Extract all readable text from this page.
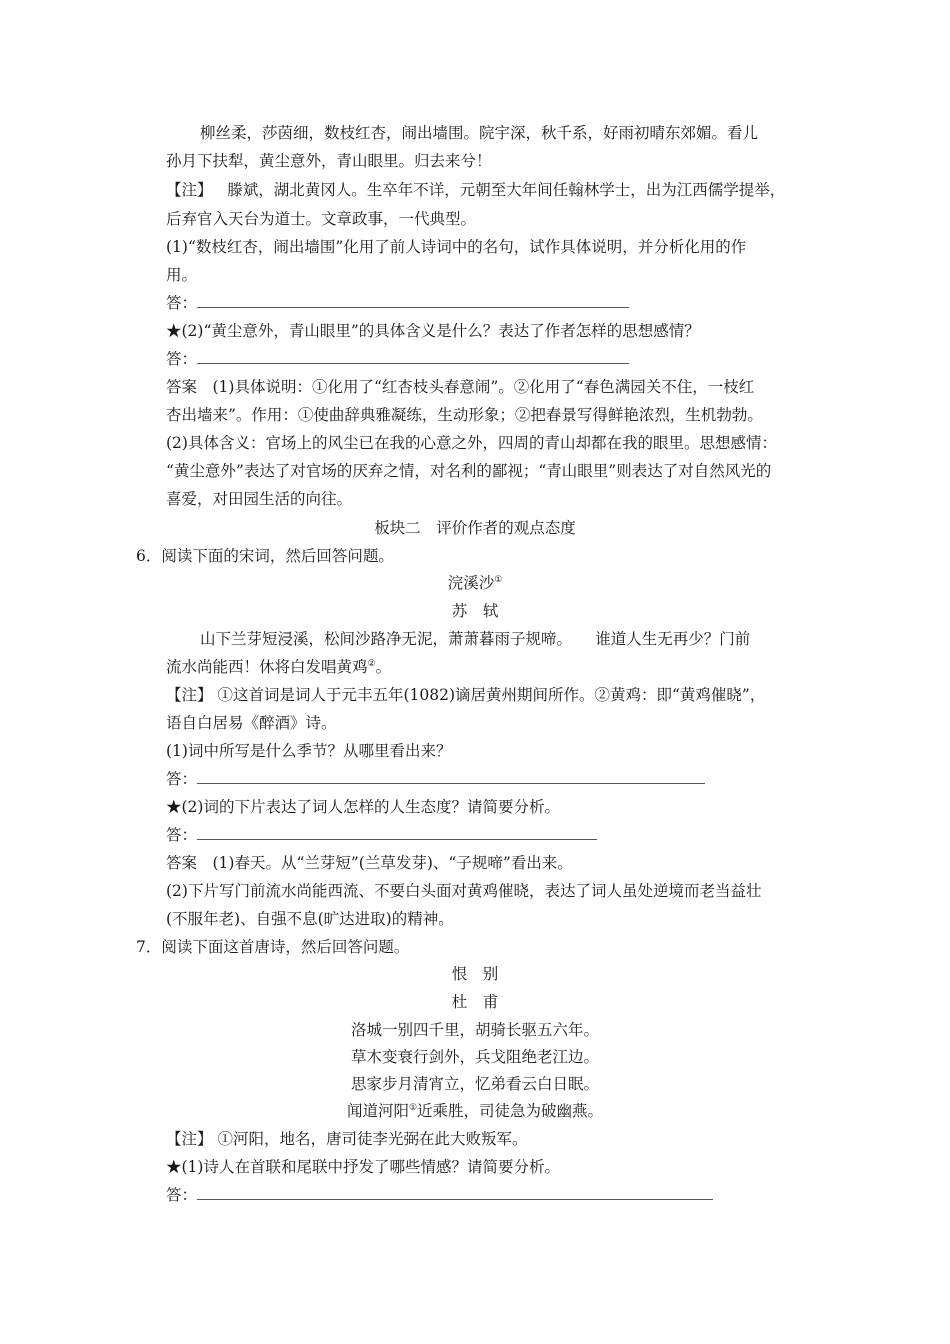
柳丝柔，莎茵细，数枝红杏，闹出墙围。院宇深，秋千系，好雨初晴东郊媚。看儿
孙月下扶犁，黄尘意外，青山眼里。归去来兮！
【注】 滕斌，湖北黄冈人。生卒年不详，元朝至大年间任翰林学士，出为江西儒学提举，
后弃官入天台为道士。文章政事，一代典型。
(1)“数枝红杏，闹出墙围”化用了前人诗词中的名句，试作具体说明，并分析化用的作
用。
答：
★(2)“黄尘意外，青山眼里”的具体含义是什么？表达了作者怎样的思想感情？
答：
答案　(1)具体说明：①化用了“红杏枝头春意闹”。②化用了“春色满园关不住，一枝红
杏出墙来”。作用：①使曲辞典雅凝练，生动形象；②把春景写得鲜艳浓烈，生机勃勃。
(2)具体含义：官场上的风尘已在我的心意之外，四周的青山却都在我的眼里。思想感情：
“黄尘意外”表达了对官场的厌弃之情，对名利的鄙视；“青山眼里”则表达了对自然风光的
喜爱，对田园生活的向往。
板块二　评价作者的观点态度
6．阅读下面的宋词，然后回答问题。
浣溪沙①
苏　轼
山下兰芽短浸溪，松间沙路净无泥，萧萧暮雨子规啼。　　谁道人生无再少？门前
流水尚能西！休将白发唱黄鸡②。
【注】 ①这首词是词人于元丰五年(1082)谪居黄州期间所作。②黄鸡：即“黄鸡催晓”，
语自白居易《醉酒》诗。
(1)词中所写是什么季节？从哪里看出来？
答：
★(2)词的下片表达了词人怎样的人生态度？请简要分析。
答：
答案　(1)春天。从“兰芽短”(兰草发芽)、“子规啼”看出来。
(2)下片写门前流水尚能西流、不要白头面对黄鸡催晓，表达了词人虽处逆境而老当益壮
(不服年老)、自强不息(旷达进取)的精神。
7．阅读下面这首唐诗，然后回答问题。
恨　别
杜　甫
洛城一别四千里，胡骑长驱五六年。
草木变衰行剑外，兵戈阻绝老江边。
思家步月清宵立，忆弟看云白日眠。
闻道河阳①近乘胜，司徒急为破幽燕。
【注】 ①河阳，地名，唐司徒李光弼在此大败叛军。
★(1)诗人在首联和尾联中抒发了哪些情感？请简要分析。
答：
